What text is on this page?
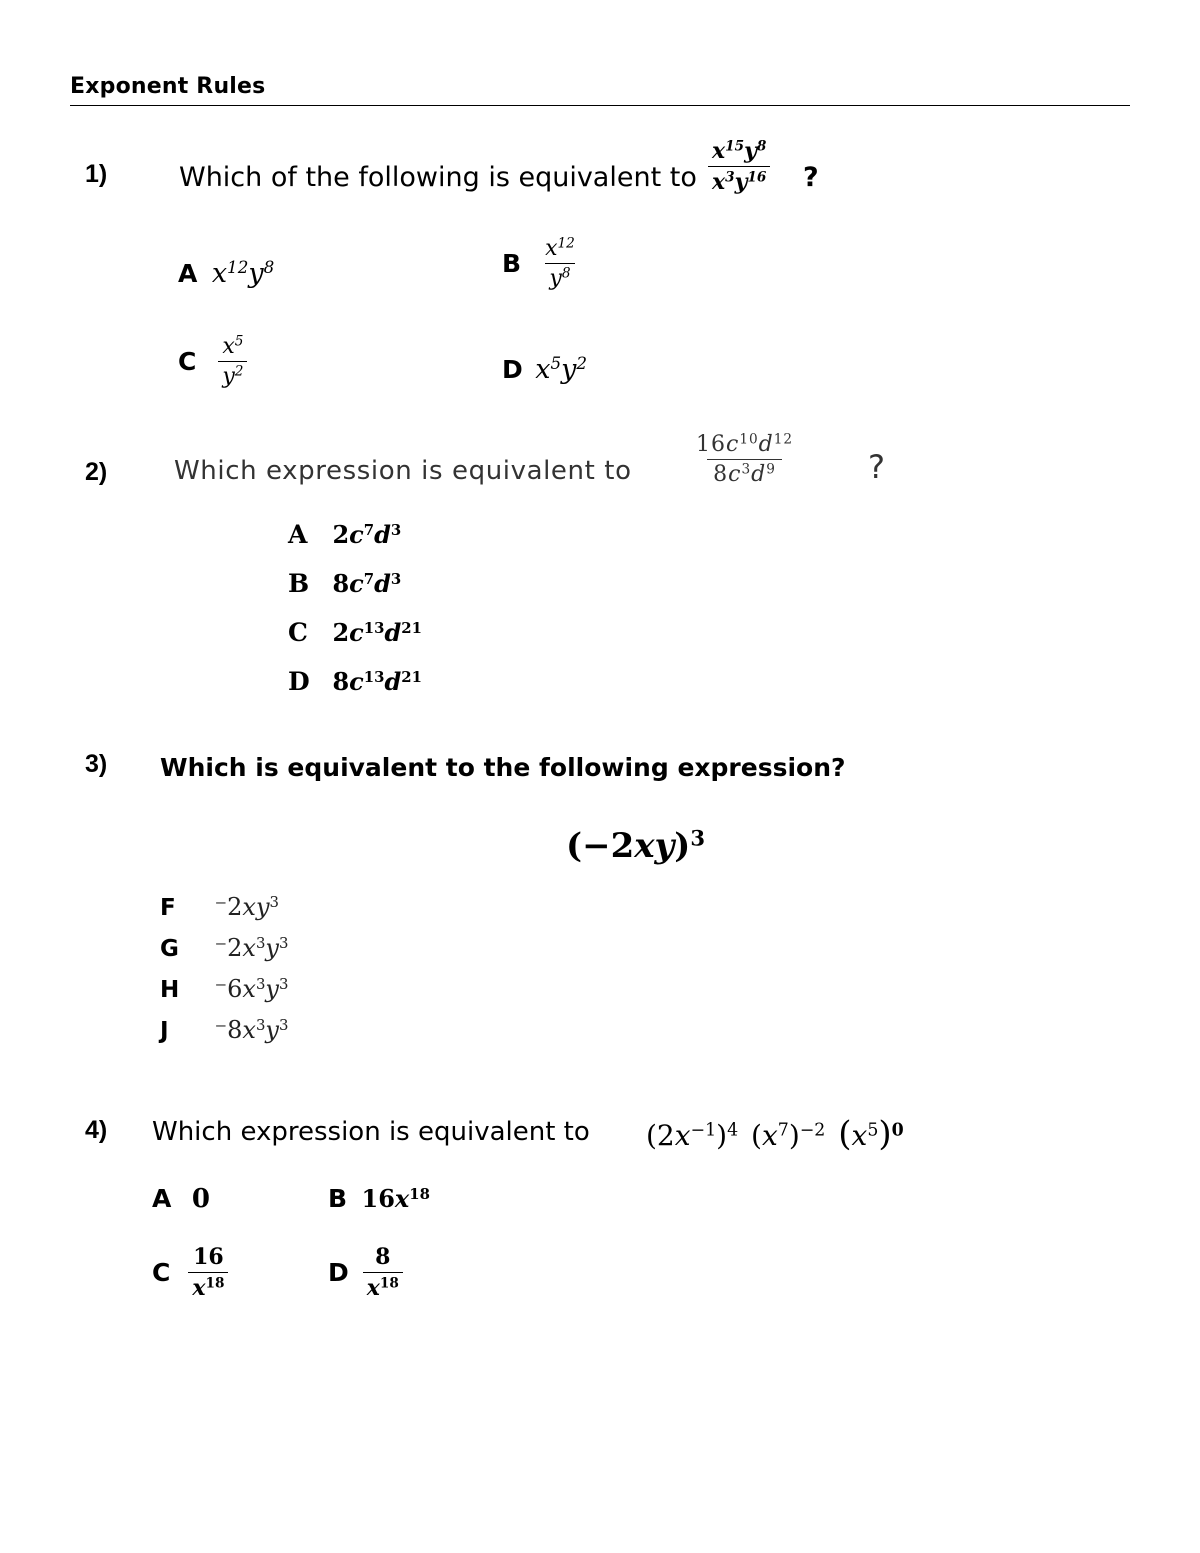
Exponent Rules
1)	Which of the following is equivalent to $\frac{x^{15}y^8}{x^3y^{16}}$ ?
A $x^{12}y^8$	B $\frac{x^{12}}{y^8}$
C $\frac{x^5}{y^2}$	D $x^5y^2$
2)	Which expression is equivalent to	$\frac{16c^{10}d^{12}}{8c^3d^9}$ ?
A $2c^7d^3$
B $8c^7d^3$
C $2c^{13}d^{21}$
D $8c^{13}d^{21}$
3) Which is equivalent to the following expression?
$(-2xy)^3$
F $^-2xy^3$
G $^-2x^3y^3$
H $^-6x^3y^3$
J $^-8x^3y^3$
4) Which expression is equivalent to $(2x^{-1})^4$ $(x^7)^{-2}$ $(x^5)^0$
A 0	B $16x^{18}$
C $\frac{16}{x^{18}}$	D $\frac{8}{x^{18}}$
